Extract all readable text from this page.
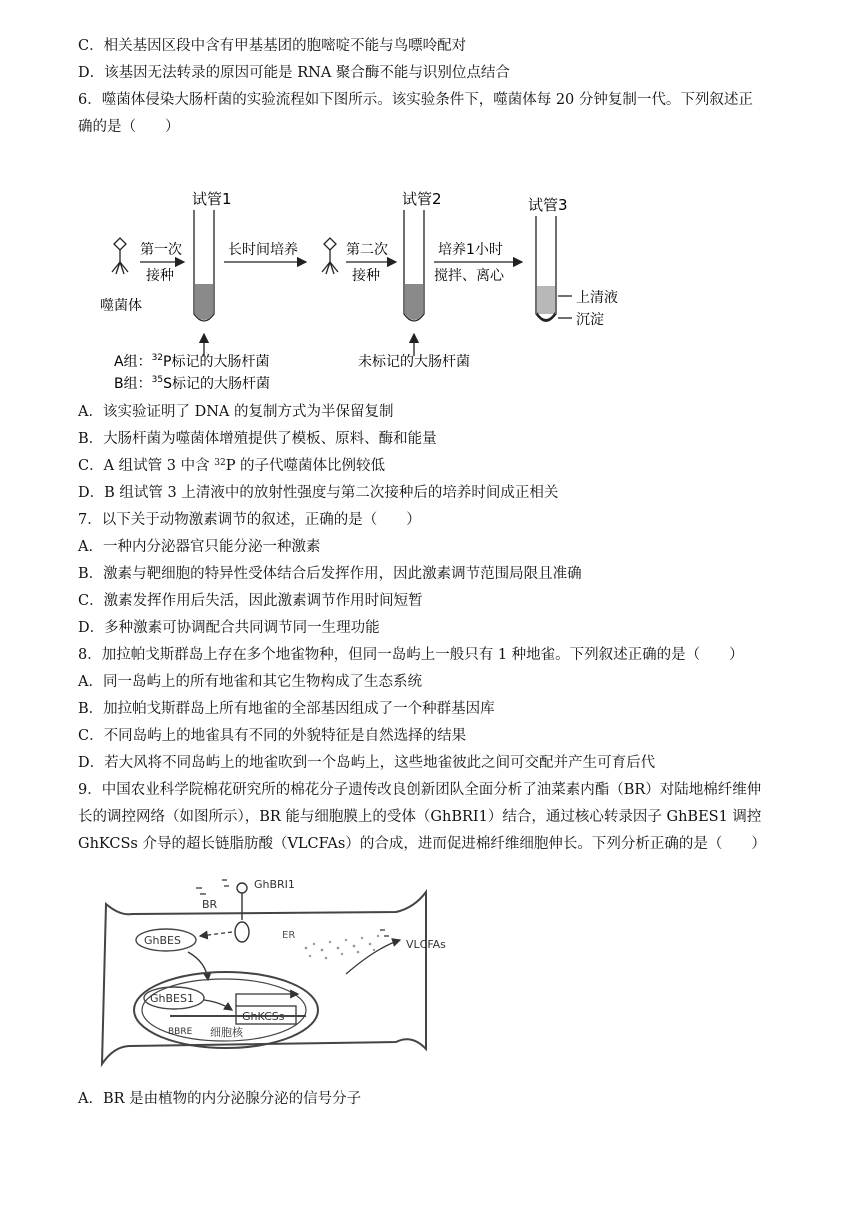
C．相关基因区段中含有甲基基团的胞嘧啶不能与鸟嘌呤配对
D．该基因无法转录的原因可能是 RNA 聚合酶不能与识别位点结合
6．噬菌体侵染大肠杆菌的实验流程如下图所示。该实验条件下，噬菌体每 20 分钟复制一代。下列叙述正
确的是（　　）
试管1	试管2	试管3
第一次
接种
噬菌体
长时间培养	第二次
接种
培养1小时
搅拌、离心
上清液
沉淀
A组：$^{32}$P标记的大肠杆菌
B组：$^{35}$S标记的大肠杆菌
未标记的大肠杆菌
A．该实验证明了 DNA 的复制方式为半保留复制
B．大肠杆菌为噬菌体增殖提供了模板、原料、酶和能量
C．A 组试管 3 中含 $^{32}$P 的子代噬菌体比例较低
D．B 组试管 3 上清液中的放射性强度与第二次接种后的培养时间成正相关
7．以下关于动物激素调节的叙述，正确的是（　　）
A．一种内分泌器官只能分泌一种激素
B．激素与靶细胞的特异性受体结合后发挥作用，因此激素调节范围局限且准确
C．激素发挥作用后失活，因此激素调节作用时间短暂
D．多种激素可协调配合共同调节同一生理功能
8．加拉帕戈斯群岛上存在多个地雀物种，但同一岛屿上一般只有 1 种地雀。下列叙述正确的是（　　）
A．同一岛屿上的所有地雀和其它生物构成了生态系统
B．加拉帕戈斯群岛上所有地雀的全部基因组成了一个种群基因库
C．不同岛屿上的地雀具有不同的外貌特征是自然选择的结果
D．若大风将不同岛屿上的地雀吹到一个岛屿上，这些地雀彼此之间可交配并产生可育后代
9．中国农业科学院棉花研究所的棉花分子遗传改良创新团队全面分析了油菜素内酯（BR）对陆地棉纤维伸
长的调控网络（如图所示），BR 能与细胞膜上的受体（GhBRI1）结合，通过核心转录因子 GhBES1 调控
GhKCSs 介导的超长链脂肪酸（VLCFAs）的合成，进而促进棉纤维细胞伸长。下列分析正确的是（　　）
BR
GhBRI1
ER
VLCFAs
GhBES
GhBES1
GhKCSs
BBRE 细胞核
A．BR 是由植物的内分泌腺分泌的信号分子
